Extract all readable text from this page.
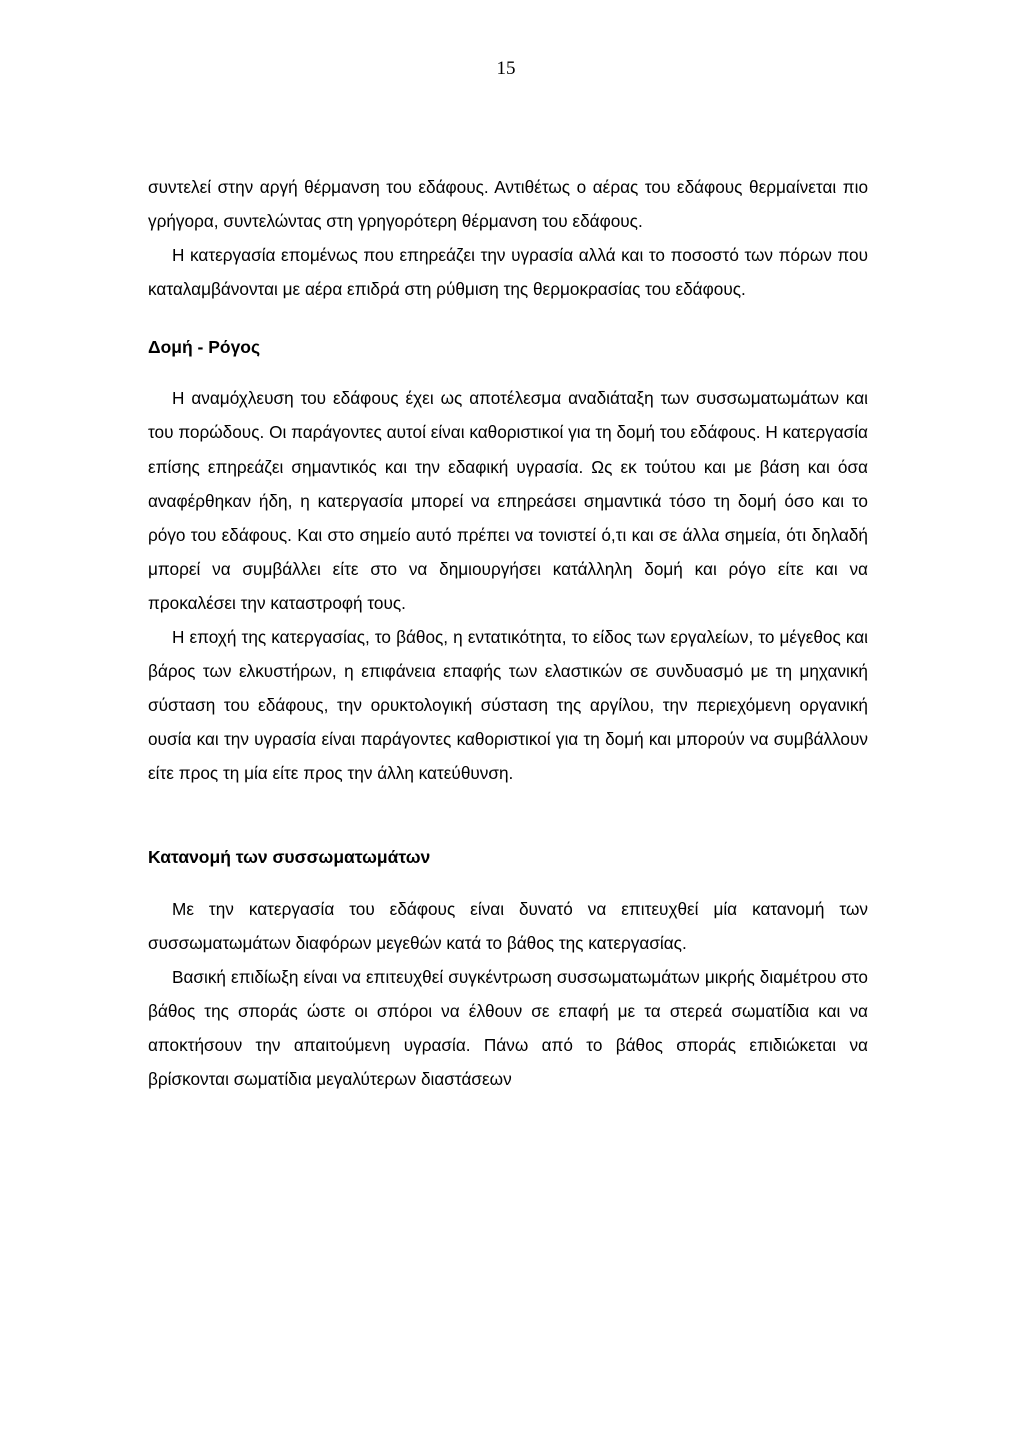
15

συντελεί στην αργή θέρμανση του εδάφους. Αντιθέτως ο αέρας του εδάφους θερμαίνεται πιο γρήγορα, συντελώντας στη γρηγορότερη θέρμανση του εδάφους.

Η κατεργασία επομένως που επηρεάζει την υγρασία αλλά και το ποσοστό των πόρων που καταλαμβάνονται με αέρα επιδρά στη ρύθμιση της θερμοκρασίας του εδάφους.

Δομή - Ρόγος

Η αναμόχλευση του εδάφους έχει ως αποτέλεσμα αναδιάταξη των συσσωματωμάτων και του πορώδους. Οι παράγοντες αυτοί είναι καθοριστικοί για τη δομή του εδάφους. Η κατεργασία επίσης επηρεάζει σημαντικός και την εδαφική υγρασία. Ως εκ τούτου και με βάση και όσα αναφέρθηκαν ήδη, η κατεργασία μπορεί να επηρεάσει σημαντικά τόσο τη δομή όσο και το ρόγο του εδάφους. Και στο σημείο αυτό πρέπει να τονιστεί ό,τι και σε άλλα σημεία, ότι δηλαδή μπορεί να συμβάλλει είτε στο να δημιουργήσει κατάλληλη δομή και ρόγο είτε και να προκαλέσει την καταστροφή τους.

Η εποχή της κατεργασίας, το βάθος, η εντατικότητα, το είδος των εργαλείων, το μέγεθος και βάρος των ελκυστήρων, η επιφάνεια επαφής των ελαστικών σε συνδυασμό με τη μηχανική σύσταση του εδάφους, την ορυκτολογική σύσταση της αργίλου, την περιεχόμενη οργανική ουσία και την υγρασία είναι παράγοντες καθοριστικοί για τη δομή και μπορούν να συμβάλλουν είτε προς τη μία είτε προς την άλλη κατεύθυνση.

Κατανομή των συσσωματωμάτων

Με την κατεργασία του εδάφους είναι δυνατό να επιτευχθεί μία κατανομή των συσσωματωμάτων διαφόρων μεγεθών κατά το βάθος της κατεργασίας.

Βασική επιδίωξη είναι να επιτευχθεί συγκέντρωση συσσωματωμάτων μικρής διαμέτρου στο βάθος της σποράς ώστε οι σπόροι να έλθουν σε επαφή με τα στερεά σωματίδια και να αποκτήσουν την απαιτούμενη υγρασία. Πάνω από το βάθος σποράς επιδιώκεται να βρίσκονται σωματίδια μεγαλύτερων διαστάσεων
